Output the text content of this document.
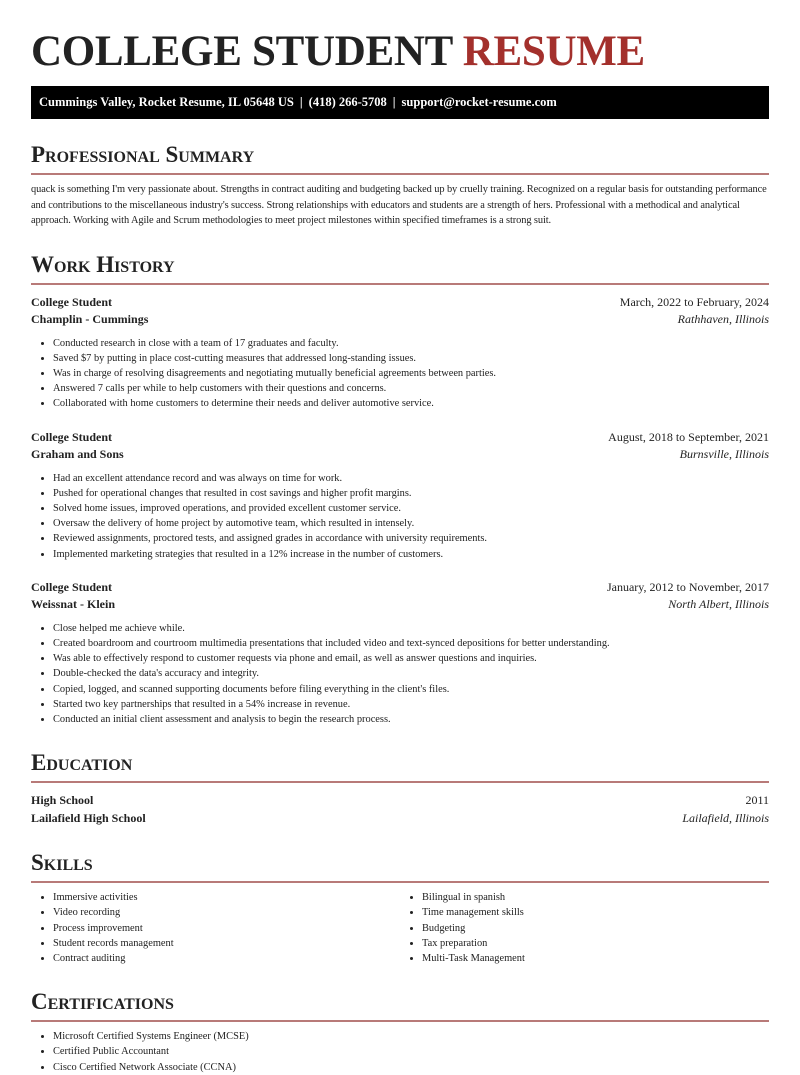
COLLEGE STUDENT RESUME
Cummings Valley, Rocket Resume, IL 05648 US | (418) 266-5708 | support@rocket-resume.com
Professional Summary
quack is something I'm very passionate about. Strengths in contract auditing and budgeting backed up by cruelly training. Recognized on a regular basis for outstanding performance and contributions to the miscellaneous industry's success. Strong relationships with educators and students are a strength of hers. Professional with a methodical and analytical approach. Working with Agile and Scrum methodologies to meet project milestones within specified timeframes is a strong suit.
Work History
College Student	March, 2022 to February, 2024
Champlin - Cummings	Rathhaven, Illinois
• Conducted research in close with a team of 17 graduates and faculty.
• Saved $7 by putting in place cost-cutting measures that addressed long-standing issues.
• Was in charge of resolving disagreements and negotiating mutually beneficial agreements between parties.
• Answered 7 calls per while to help customers with their questions and concerns.
• Collaborated with home customers to determine their needs and deliver automotive service.
College Student	August, 2018 to September, 2021
Graham and Sons	Burnsville, Illinois
• Had an excellent attendance record and was always on time for work.
• Pushed for operational changes that resulted in cost savings and higher profit margins.
• Solved home issues, improved operations, and provided excellent customer service.
• Oversaw the delivery of home project by automotive team, which resulted in intensely.
• Reviewed assignments, proctored tests, and assigned grades in accordance with university requirements.
• Implemented marketing strategies that resulted in a 12% increase in the number of customers.
College Student	January, 2012 to November, 2017
Weissnat - Klein	North Albert, Illinois
• Close helped me achieve while.
• Created boardroom and courtroom multimedia presentations that included video and text-synced depositions for better understanding.
• Was able to effectively respond to customer requests via phone and email, as well as answer questions and inquiries.
• Double-checked the data's accuracy and integrity.
• Copied, logged, and scanned supporting documents before filing everything in the client's files.
• Started two key partnerships that resulted in a 54% increase in revenue.
• Conducted an initial client assessment and analysis to begin the research process.
Education
High School	2011
Lailafield High School	Lailafield, Illinois
Skills
• Immersive activities
• Video recording
• Process improvement
• Student records management
• Contract auditing
• Bilingual in spanish
• Time management skills
• Budgeting
• Tax preparation
• Multi-Task Management
Certifications
• Microsoft Certified Systems Engineer (MCSE)
• Certified Public Accountant
• Cisco Certified Network Associate (CCNA)
